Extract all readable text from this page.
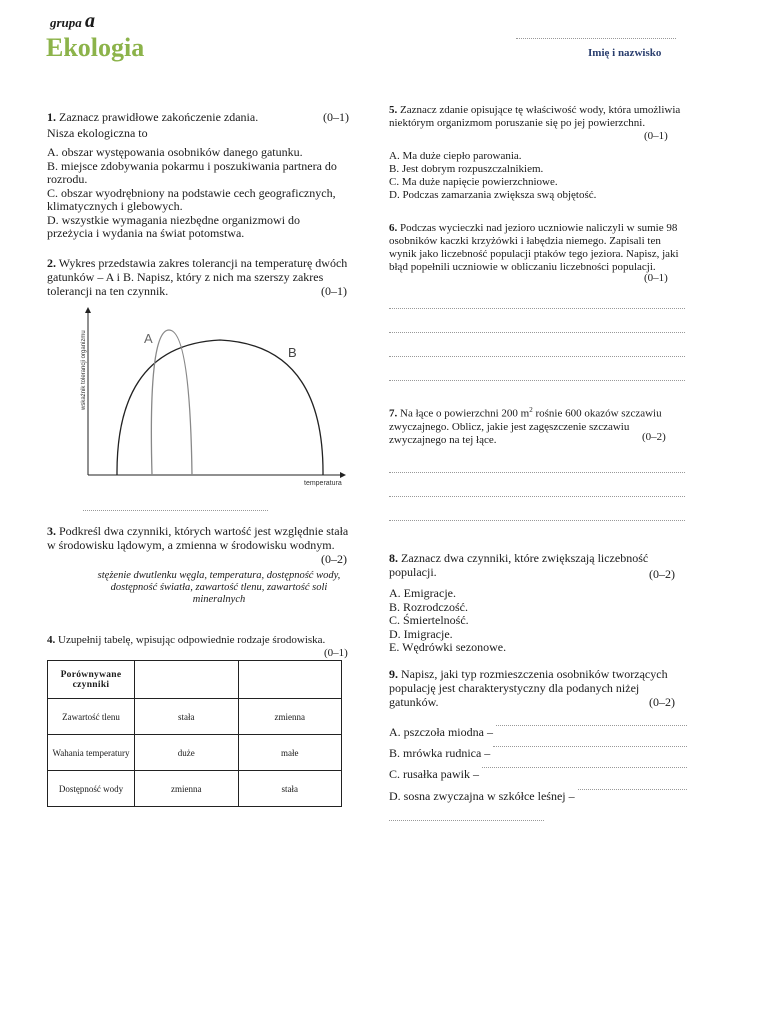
grupa a
Ekologia	Imię i nazwisko
(0–1)
1. Zaznacz prawidłowe zakończenie zdania.
Nisza ekologiczna to
A. obszar występowania osobników danego gatunku.
B. miejsce zdobywania pokarmu i poszukiwania partnera do rozrodu.
C. obszar wyodrębniony na podstawie cech geograficznych, klimatycznych i glebowych.
D. wszystkie wymagania niezbędne organizmowi do przeżycia i wydania na świat potomstwa.
2. Wykres przedstawia zakres tolerancji na temperaturę dwóch gatunków – A i B. Napisz, który z nich ma szerszy zakres tolerancji na ten czynnik.	(0–1)
A
B
temperatura
wskaźnik tolerancji organizmu
3. Podkreśl dwa czynniki, których wartość jest względnie stała w środowisku lądowym, a zmienna w środowisku wodnym.
(0–2)
stężenie dwutlenku węgla, temperatura, dostępność wody, dostępność światła, zawartość tlenu, zawartość soli mineralnych
4. Uzupełnij tabelę, wpisując odpowiednie rodzaje środowiska.
(0–1)
Porównywane czynniki		
Zawartość tlenu	stała	zmienna
Wahania temperatury	duże	małe
Dostępność wody	zmienna	stała
5. Zaznacz zdanie opisujące tę właściwość wody, która umożliwia niektórym organizmom poruszanie się po jej powierzchni.
(0–1)
A. Ma duże ciepło parowania.
B. Jest dobrym rozpuszczalnikiem.
C. Ma duże napięcie powierzchniowe.
D. Podczas zamarzania zwiększa swą objętość.
6. Podczas wycieczki nad jezioro uczniowie naliczyli w sumie 98 osobników kaczki krzyżówki i łabędzia niemego. Zapisali ten wynik jako liczebność populacji ptaków tego jeziora. Napisz, jaki błąd popełnili uczniowie w obliczaniu liczebności populacji.
(0–1)
7. Na łące o powierzchni 200 $m^2$ rośnie 600 okazów szczawiu zwyczajnego. Oblicz, jakie jest zagęszczenie szczawiu zwyczajnego na tej łące.	(0–2)
8. Zaznacz dwa czynniki, które zwiększają liczebność populacji.	(0–2)
A. Emigracje.
B. Rozrodczość.
C. Śmiertelność.
D. Imigracje.
E. Wędrówki sezonowe.
9. Napisz, jaki typ rozmieszczenia osobników tworzących populację jest charakterystyczny dla podanych niżej gatunków.	(0–2)
A. pszczoła miodna –
B. mrówka rudnica –
C. rusałka pawik –
D. sosna zwyczajna w szkółce leśnej –
